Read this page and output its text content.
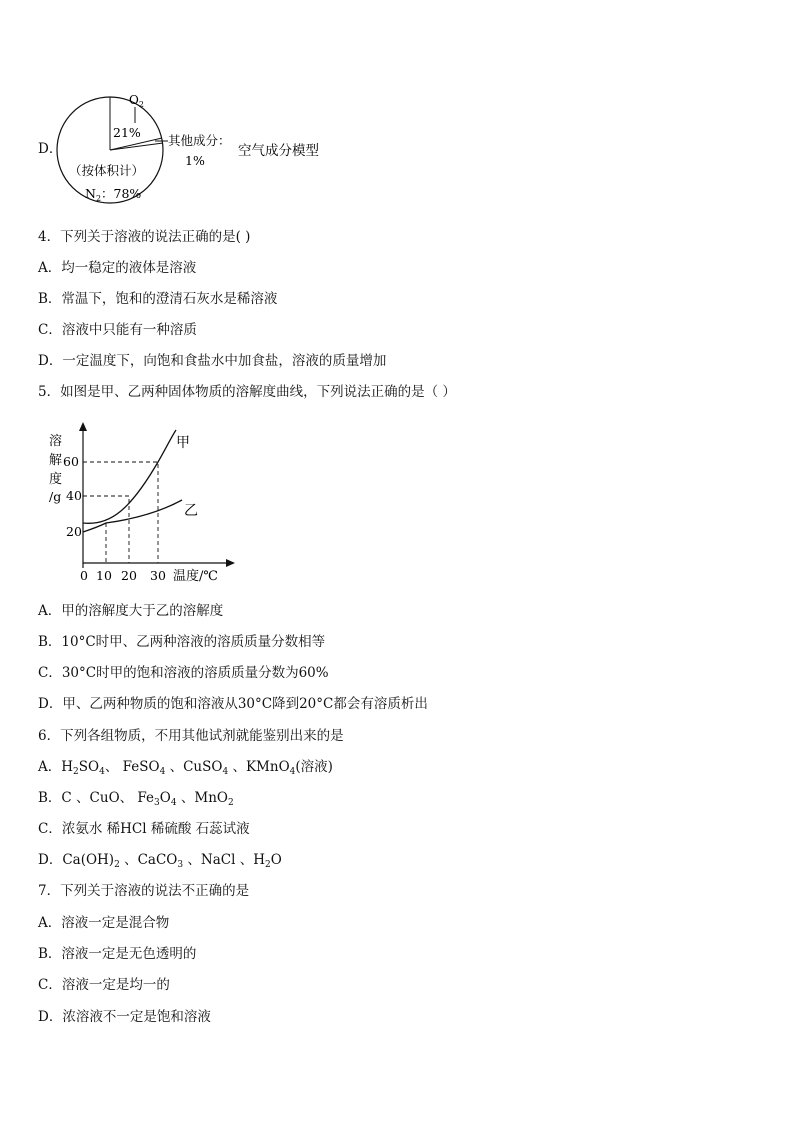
D．
$O_2$
21%
其他成分：
1%
（按体积计）
$N_2$：78%
空气成分模型
4．下列关于溶液的说法正确的是( )
A．均一稳定的液体是溶液
B．常温下，饱和的澄清石灰水是稀溶液
C．溶液中只能有一种溶质
D．一定温度下，向饱和食盐水中加食盐，溶液的质量增加
5．如图是甲、乙两种固体物质的溶解度曲线，下列说法正确的是（ ）
溶
解
度
/g
60
40
20
0 10 20 30 温度/℃
甲
乙
A．甲的溶解度大于乙的溶解度
B．10°C时甲、乙两种溶液的溶质质量分数相等
C．30°C时甲的饱和溶液的溶质质量分数为60%
D．甲、乙两种物质的饱和溶液从30°C降到20°C都会有溶质析出
6．下列各组物质，不用其他试剂就能鉴别出来的是
A．$H_2SO_4$、 FeSO$_4$ 、CuSO$_4$ 、KMnO$_4$(溶液)
B．C 、CuO、 $Fe_3O_4$ 、MnO$_2$
C．浓氨水 稀HCl 稀硫酸 石蕊试液
D．$Ca(OH)_2$ 、CaCO$_3$ 、NaCl 、$H_2O$
7．下列关于溶液的说法不正确的是
A．溶液一定是混合物
B．溶液一定是无色透明的
C．溶液一定是均一的
D．浓溶液不一定是饱和溶液
